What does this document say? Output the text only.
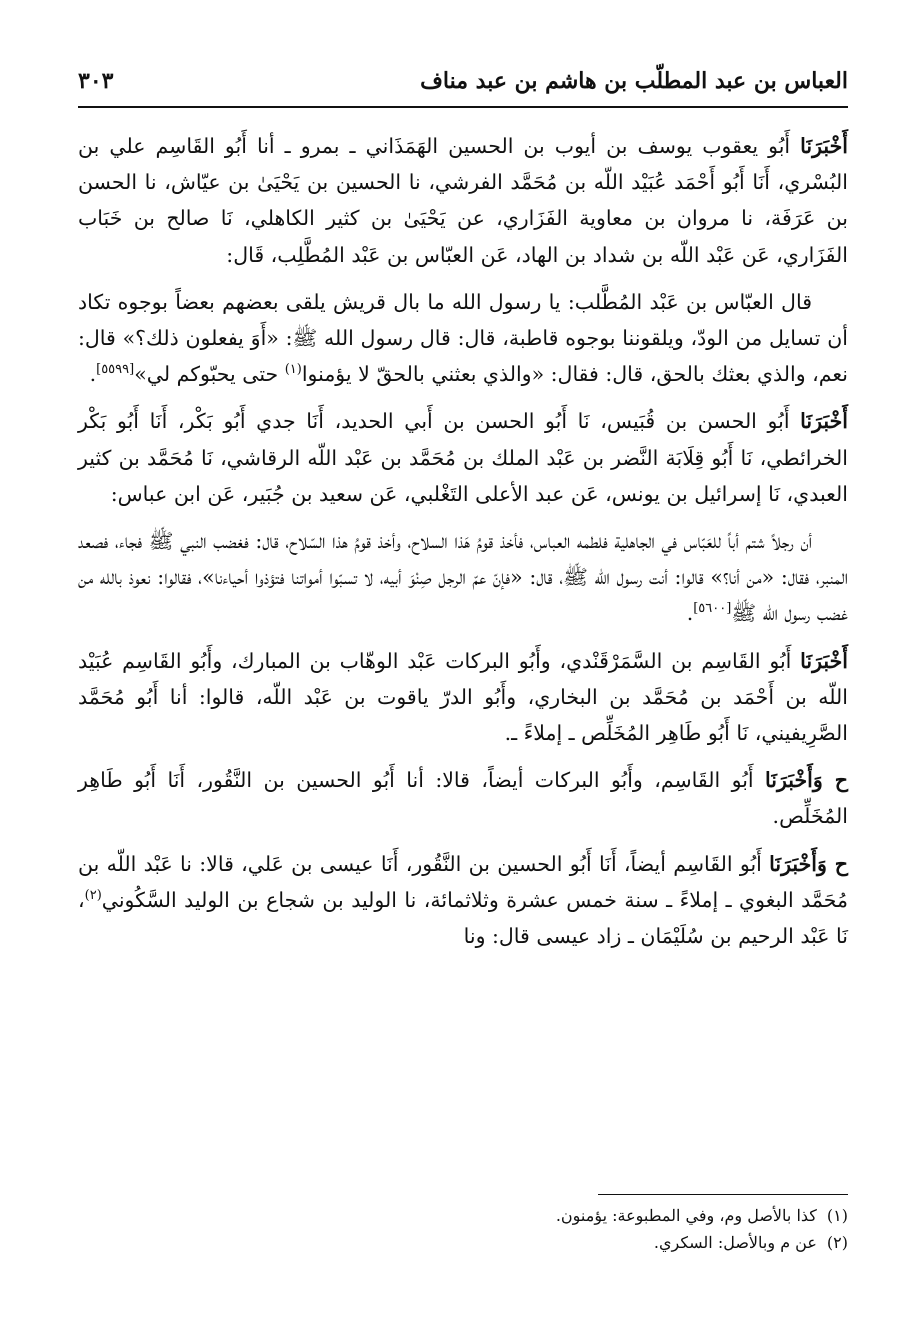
العباس بن عبد المطلّب بن هاشم بن عبد مناف
٣٠٣

أَخْبَرَنَا أَبُو يعقوب يوسف بن أيوب بن الحسين الهَمَذَاني ـ بمرو ـ أنا أَبُو القَاسِم علي بن البُسْري، أَنَا أَبُو أَحْمَد عُبَيْد اللّه بن مُحَمَّد الفرشي، نا الحسين بن يَحْيَىٰ بن عيّاش، نا الحسن بن عَرَفَة، نا مروان بن معاوية الفَزَاري، عن يَحْيَىٰ بن كثير الكاهلي، نَا صالح بن خَبَاب الفَزَاري، عَن عَبْد اللّه بن شداد بن الهاد، عَن العبّاس بن عَبْد المُطَّلِب، قَال:

قال العبّاس بن عَبْد المُطَّلب: يا رسول الله ما بال قريش يلقى بعضهم بعضاً بوجوه تكاد أن تسايل من الودّ، ويلقوننا بوجوه قاطبة، قال: قال رسول الله ﷺ: «أَوَ يفعلون ذلك؟» قال: نعم، والذي بعثك بالحق، قال: فقال: «والذي بعثني بالحقّ لا يؤمنوا$^{(١)}$ حتى يحبّوكم لي»[٥٥٩٩].

أَخْبَرَنَا أَبُو الحسن بن قُبَيس، نَا أَبُو الحسن بن أَبي الحديد، أَنَا جدي أَبُو بَكْر، أَنَا أَبُو بَكْر الخرائطي، نَا أَبُو قِلَابَة النَّضر بن عَبْد الملك بن مُحَمَّد بن عَبْد اللّه الرقاشي، نَا مُحَمَّد بن كثير العبدي، نَا إسرائيل بن يونس، عَن عبد الأعلى التَغْلبي، عَن سعيد بن جُبَير، عَن ابن عباس:

أن رجلاً شتم أباً للعَبّاس في الجاهلية فلطمه العباس، فأخذ قومُ هَذا السلاح، وأخذ قومُ هذا السّلاح، قال: فغضب النبي ﷺ فجاء، فصعد المنبر، فقال: «من أنا؟» قالوا: أنت رسول اللّه ﷺ، قال: «فإنّ عمّ الرجل صِنْوَ أبيه، لا تسبّوا أمواتنا فتؤذوا أحياءنا»، فقالوا: نعوذ بالله من غضب رسول الله ﷺ[٥٦٠٠].

أَخْبَرَنَا أَبُو القَاسِم بن السَّمَرْقَنْدي، وأَبُو البركات عَبْد الوهّاب بن المبارك، وأَبُو القَاسِم عُبَيْد اللّه بن أَحْمَد بن مُحَمَّد بن البخاري، وأَبُو الدرّ ياقوت بن عَبْد اللّه، قالوا: أنا أَبُو مُحَمَّد الصَّرِيفيني، نَا أَبُو طَاهِر المُخَلِّص ـ إملاءً ـ.

ح وَأَخْبَرَنَا أَبُو القَاسِم، وأَبُو البركات أيضاً، قالا: أنا أَبُو الحسين بن النَّقُور، أَنَا أَبُو طَاهِر المُخَلِّص.

ح وَأَخْبَرَنَا أَبُو القَاسِم أيضاً، أَنَا أَبُو الحسين بن النَّقُور، أَنَا عيسى بن عَلي، قالا: نا عَبْد اللّه بن مُحَمَّد البغوي ـ إملاءً ـ سنة خمس عشرة وثلاثمائة، نا الوليد بن شجاع بن الوليد السَّكُوني$^{(٢)}$، نَا عَبْد الرحيم بن سُلَيْمَان ـ زاد عيسى قال: ونا

(١)كذا بالأصل وم، وفي المطبوعة: يؤمنون.
(٢)عن م وبالأصل: السكري.
